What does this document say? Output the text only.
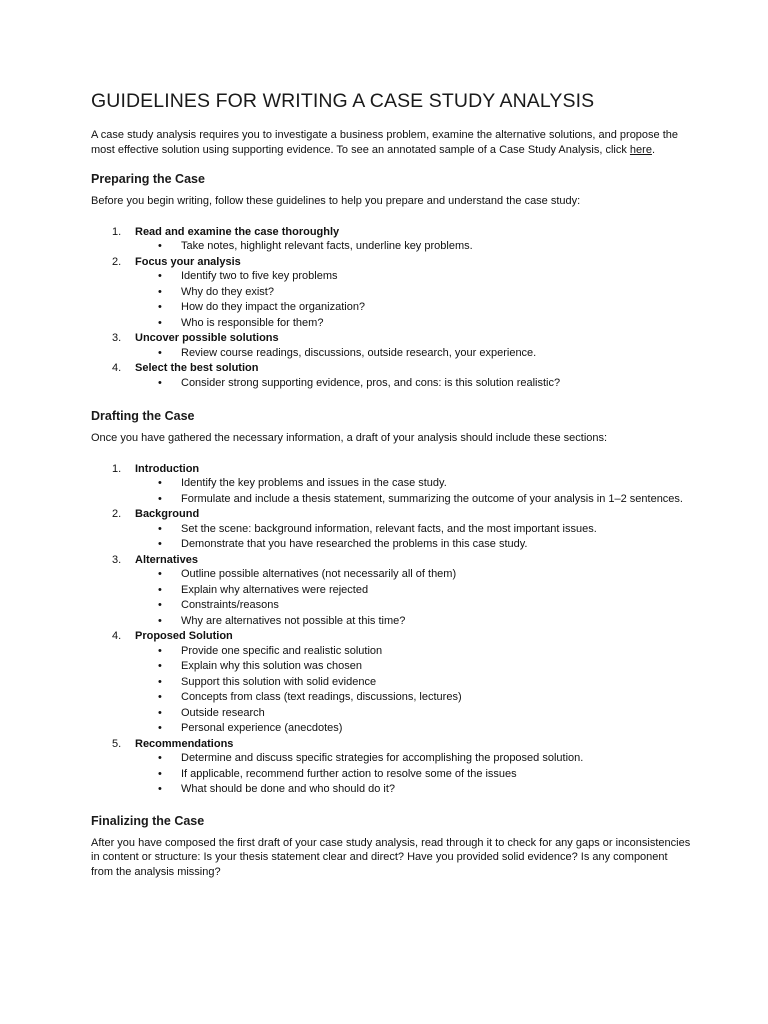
GUIDELINES FOR WRITING A CASE STUDY ANALYSIS

A case study analysis requires you to investigate a business problem, examine the alternative solutions, and propose the most effective solution using supporting evidence. To see an annotated sample of a Case Study Analysis, click here.

Preparing the Case

Before you begin writing, follow these guidelines to help you prepare and understand the case study:

1. Read and examine the case thoroughly
• Take notes, highlight relevant facts, underline key problems.
2. Focus your analysis
• Identify two to five key problems
• Why do they exist?
• How do they impact the organization?
• Who is responsible for them?
3. Uncover possible solutions
• Review course readings, discussions, outside research, your experience.
4. Select the best solution
• Consider strong supporting evidence, pros, and cons: is this solution realistic?
Drafting the Case

Once you have gathered the necessary information, a draft of your analysis should include these sections:

1. Introduction
• Identify the key problems and issues in the case study.
• Formulate and include a thesis statement, summarizing the outcome of your analysis in 1–2 sentences.
2. Background
• Set the scene: background information, relevant facts, and the most important issues.
• Demonstrate that you have researched the problems in this case study.
3. Alternatives
• Outline possible alternatives (not necessarily all of them)
• Explain why alternatives were rejected
• Constraints/reasons
• Why are alternatives not possible at this time?
4. Proposed Solution
• Provide one specific and realistic solution
• Explain why this solution was chosen
• Support this solution with solid evidence
• Concepts from class (text readings, discussions, lectures)
• Outside research
• Personal experience (anecdotes)
5. Recommendations
• Determine and discuss specific strategies for accomplishing the proposed solution.
• If applicable, recommend further action to resolve some of the issues
• What should be done and who should do it?
Finalizing the Case

After you have composed the first draft of your case study analysis, read through it to check for any gaps or inconsistencies in content or structure: Is your thesis statement clear and direct? Have you provided solid evidence? Is any component from the analysis missing?
